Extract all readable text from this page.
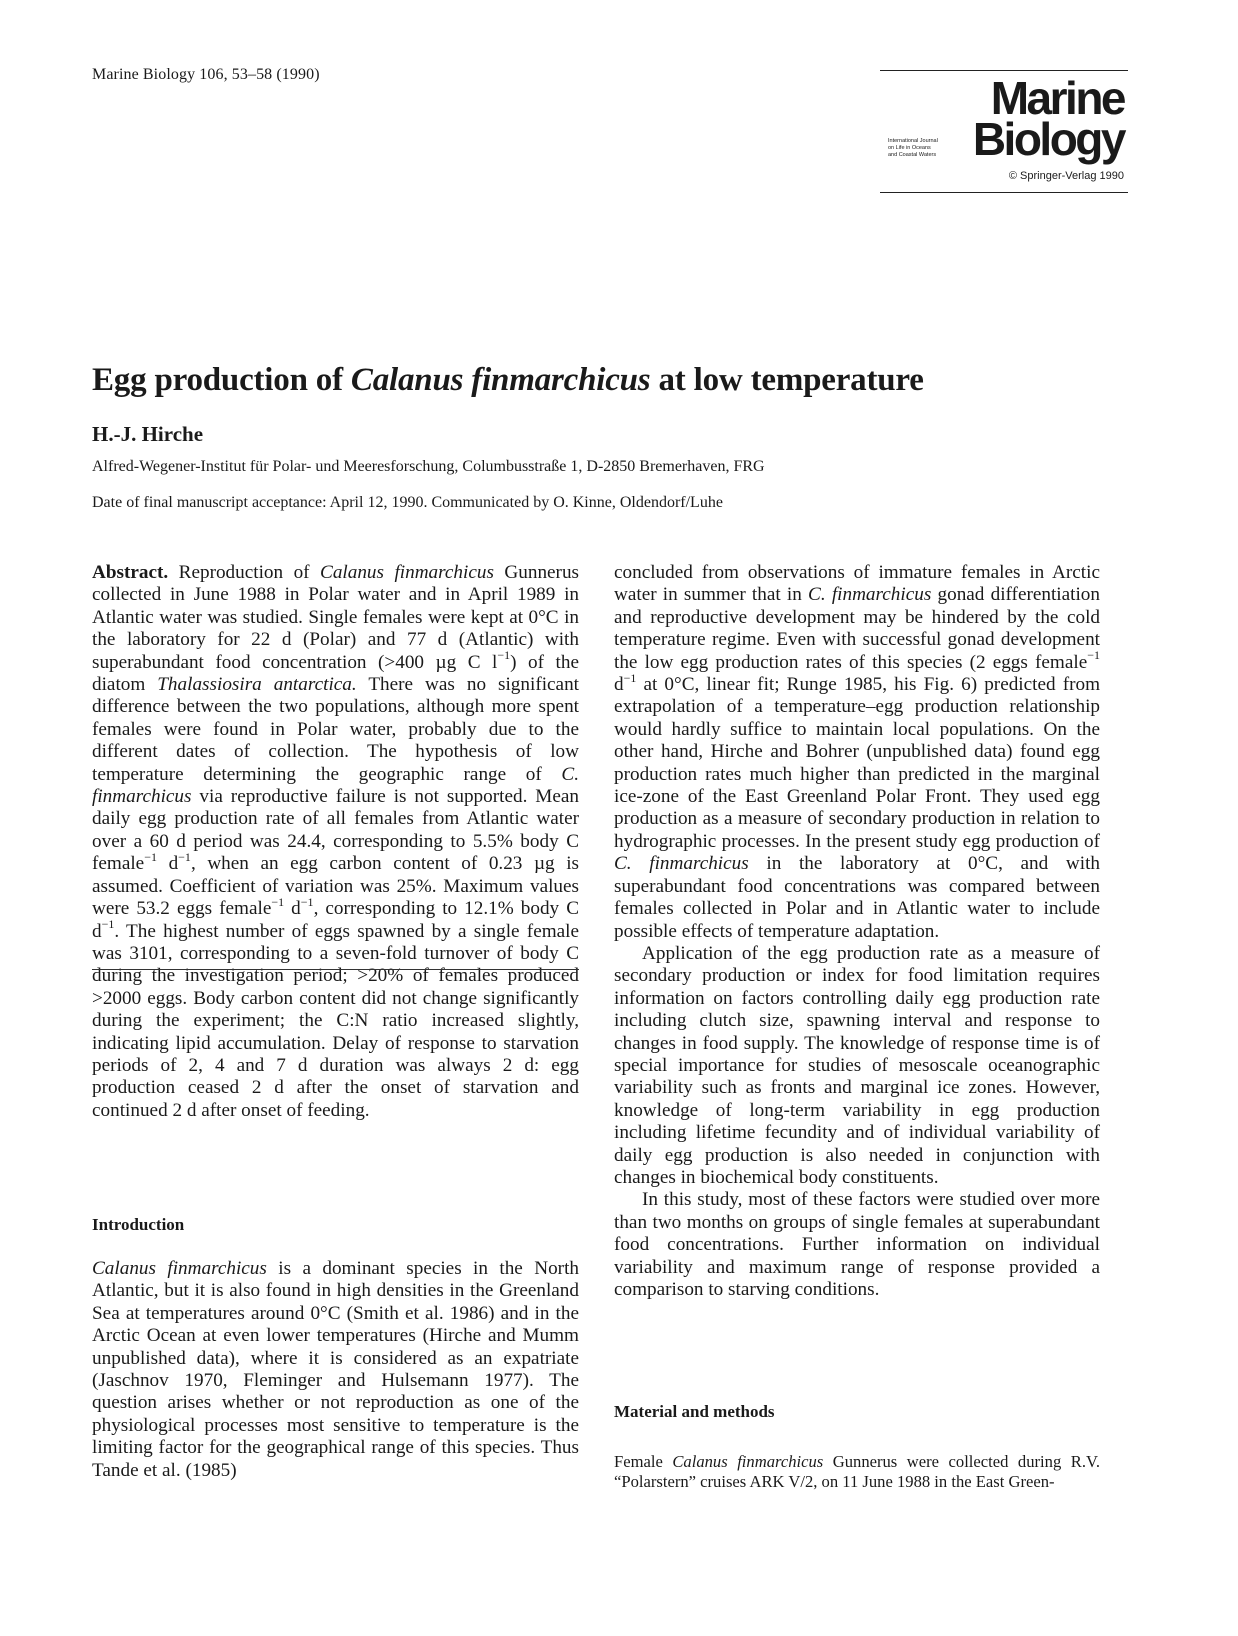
Marine Biology 106, 53–58 (1990)	Marine
International Journal
on Life in Oceans
and Coastal Waters Biology
© Springer-Verlag 1990
Egg production of Calanus finmarchicus at low temperature
H.-J. Hirche
Alfred-Wegener-Institut für Polar- und Meeresforschung, Columbusstraße 1, D-2850 Bremerhaven, FRG
Date of final manuscript acceptance: April 12, 1990. Communicated by O. Kinne, Oldendorf/Luhe

Abstract. Reproduction of Calanus finmarchicus Gunnerus collected in June 1988 in Polar water and in April 1989 in Atlantic water was studied. Single females were kept at 0°C in the laboratory for 22 d (Polar) and 77 d (Atlantic) with superabundant food concentration (>400 µg C $l^{-1}$) of the diatom Thalassiosira antarctica. There was no significant difference between the two populations, although more spent females were found in Polar water, probably due to the different dates of collection. The hypothesis of low temperature determining the geographic range of C. finmarchicus via reproductive failure is not supported. Mean daily egg production rate of all females from Atlantic water over a 60 d period was 24.4, corresponding to 5.5% body C female$^{-1}$ $d^{-1}$, when an egg carbon content of 0.23 µg is assumed. Coefficient of variation was 25%. Maximum values were 53.2 eggs female$^{-1}$ $d^{-1}$, corresponding to 12.1% body C $d^{-1}$. The highest number of eggs spawned by a single female was 3101, corresponding to a seven-fold turnover of body C during the investigation period; >20% of females produced >2000 eggs. Body carbon content did not change significantly during the experiment; the C:N ratio increased slightly, indicating lipid accumulation. Delay of response to starvation periods of 2, 4 and 7 d duration was always 2 d: egg production ceased 2 d after the onset of starvation and continued 2 d after onset of feeding.

Introduction

Calanus finmarchicus is a dominant species in the North Atlantic, but it is also found in high densities in the Greenland Sea at temperatures around 0°C (Smith et al. 1986) and in the Arctic Ocean at even lower temperatures (Hirche and Mumm unpublished data), where it is considered as an expatriate (Jaschnov 1970, Fleminger and Hulsemann 1977). The question arises whether or not reproduction as one of the physiological processes most sensitive to temperature is the limiting factor for the geographical range of this species. Thus Tande et al. (1985)

concluded from observations of immature females in Arctic water in summer that in C. finmarchicus gonad differentiation and reproductive development may be hindered by the cold temperature regime. Even with successful gonad development the low egg production rates of this species (2 eggs female$^{-1}$ $d^{-1}$ at 0°C, linear fit; Runge 1985, his Fig. 6) predicted from extrapolation of a temperature–egg production relationship would hardly suffice to maintain local populations. On the other hand, Hirche and Bohrer (unpublished data) found egg production rates much higher than predicted in the marginal ice-zone of the East Greenland Polar Front. They used egg production as a measure of secondary production in relation to hydrographic processes. In the present study egg production of C. finmarchicus in the laboratory at 0°C, and with superabundant food concentrations was compared between females collected in Polar and in Atlantic water to include possible effects of temperature adaptation.

Application of the egg production rate as a measure of secondary production or index for food limitation requires information on factors controlling daily egg production rate including clutch size, spawning interval and response to changes in food supply. The knowledge of response time is of special importance for studies of mesoscale oceanographic variability such as fronts and marginal ice zones. However, knowledge of long-term variability in egg production including lifetime fecundity and of individual variability of daily egg production is also needed in conjunction with changes in biochemical body constituents.

In this study, most of these factors were studied over more than two months on groups of single females at superabundant food concentrations. Further information on individual variability and maximum range of response provided a comparison to starving conditions.

Material and methods

Female Calanus finmarchicus Gunnerus were collected during R.V. “Polarstern” cruises ARK V/2, on 11 June 1988 in the East Green-
